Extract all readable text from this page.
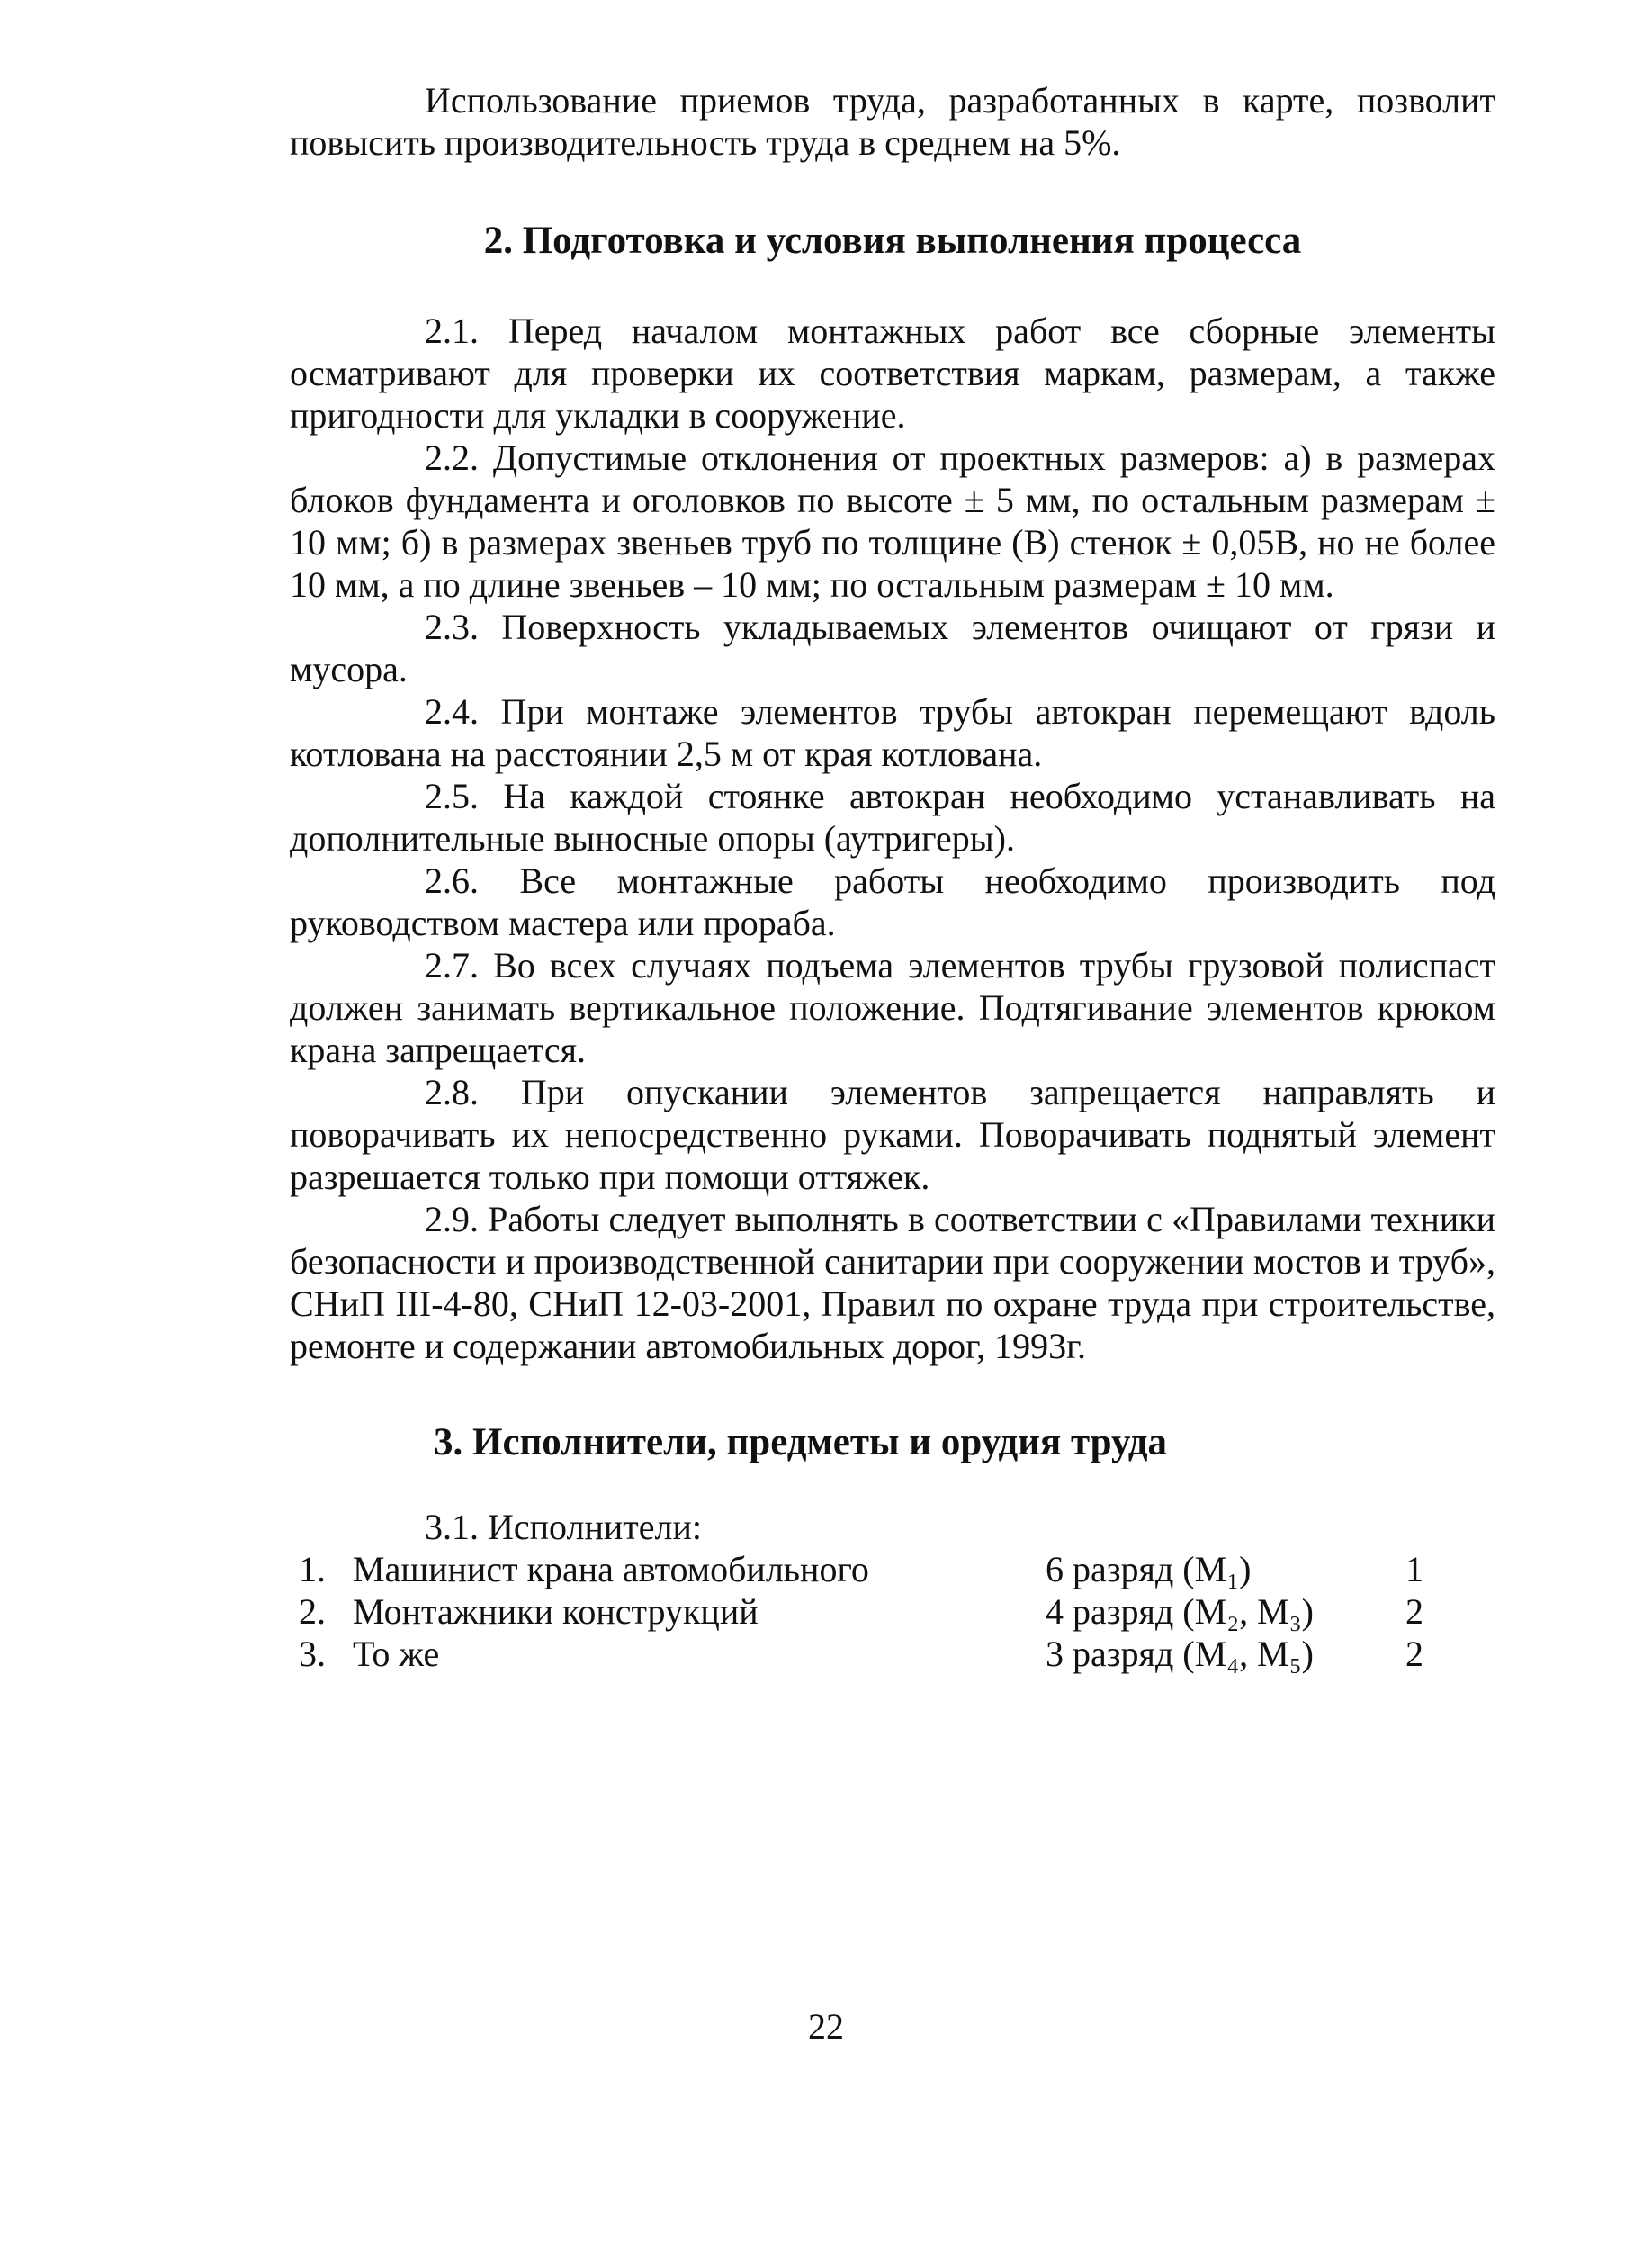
Использование приемов труда, разработанных в карте, позволит повысить производительность труда в среднем на 5%.

2. Подготовка и условия выполнения процесса

2.1. Перед началом монтажных работ все сборные элементы осматривают для проверки их соответствия маркам, размерам, а также пригодности для укладки в сооружение.

2.2. Допустимые отклонения от проектных размеров: а) в размерах блоков фундамента и оголовков по высоте ± 5 мм, по остальным размерам ± 10 мм; б) в размерах звеньев труб по толщине (В) стенок ± 0,05В, но не более 10 мм, а по длине звеньев – 10 мм; по остальным размерам ± 10 мм.

2.3. Поверхность укладываемых элементов очищают от грязи и мусора.

2.4. При монтаже элементов трубы автокран перемещают вдоль котлована на расстоянии 2,5 м от края котлована.

2.5. На каждой стоянке автокран необходимо устанавливать на дополнительные выносные опоры (аутригеры).

2.6. Все монтажные работы необходимо производить под руководством мастера или прораба.

2.7. Во всех случаях подъема элементов трубы грузовой полиспаст должен занимать вертикальное положение. Подтягивание элементов крюком крана запрещается.

2.8. При опускании элементов запрещается направлять и поворачивать их непосредственно руками. Поворачивать поднятый элемент разрешается только при помощи оттяжек.

2.9. Работы следует выполнять в соответствии с «Правилами техники безопасности и производственной санитарии при сооружении мостов и труб», СНиП III-4-80, СНиП 12-03-2001, Правил по охране труда при строительстве, ремонте и содержании автомобильных дорог, 1993г.

3. Исполнители, предметы и орудия труда

3.1. Исполнители:

1.	Машинист крана автомобильного	6 разряд (М₁)	1
2.	Монтажники конструкций	4 разряд (М₂, М₃)	2
3.	То же	3 разряд (М₄, М₅)	2
22
